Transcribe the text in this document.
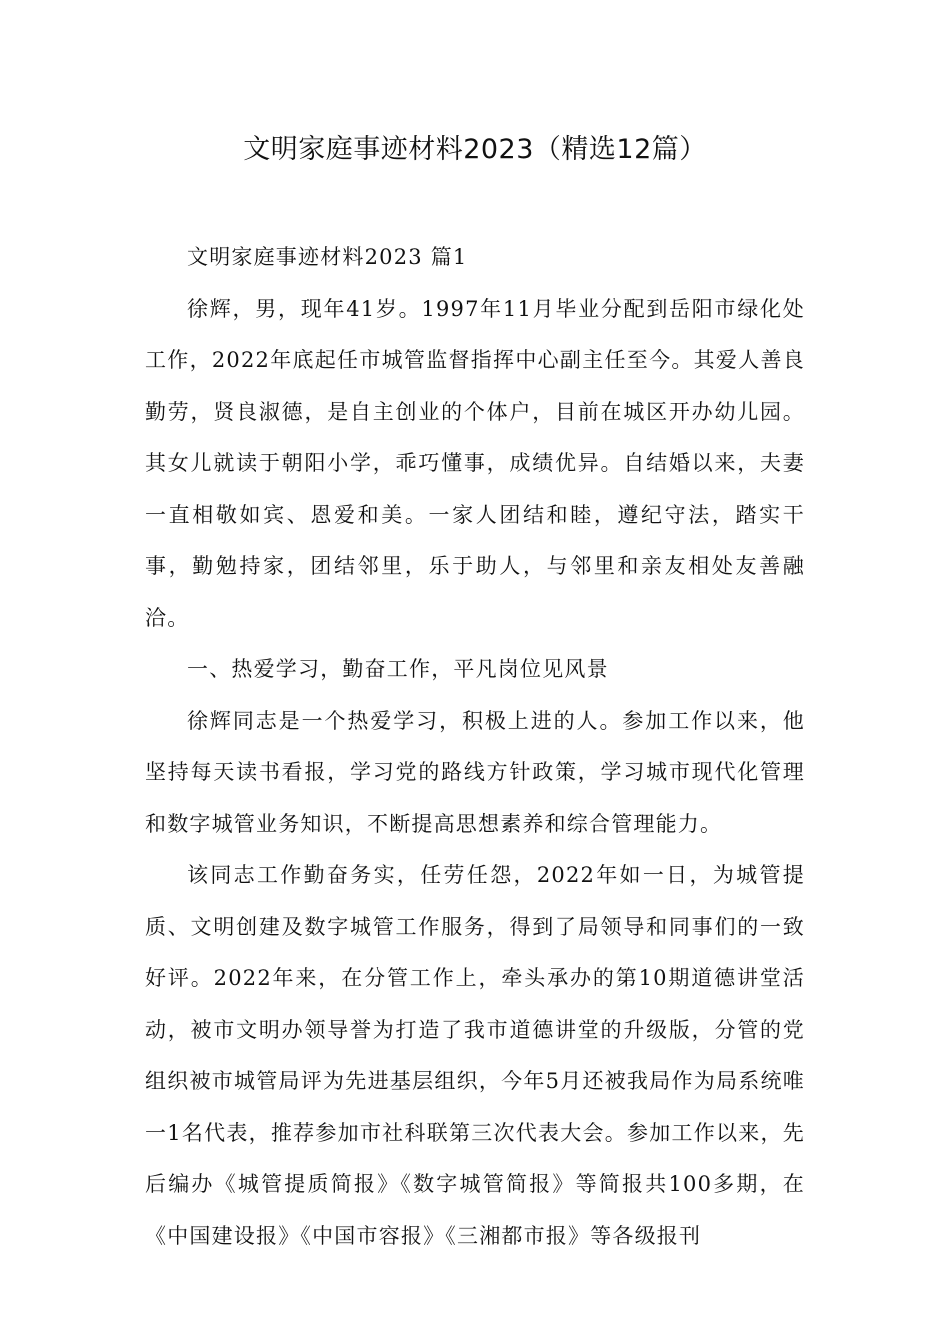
文明家庭事迹材料2023（精选12篇）

文明家庭事迹材料2023 篇1

徐辉，男，现年41岁。1997年11月毕业分配到岳阳市绿化处工作，2022年底起任市城管监督指挥中心副主任至今。其爱人善良勤劳，贤良淑德，是自主创业的个体户，目前在城区开办幼儿园。其女儿就读于朝阳小学，乖巧懂事，成绩优异。自结婚以来，夫妻一直相敬如宾、恩爱和美。一家人团结和睦，遵纪守法，踏实干事，勤勉持家，团结邻里，乐于助人，与邻里和亲友相处友善融洽。

一、热爱学习，勤奋工作，平凡岗位见风景

徐辉同志是一个热爱学习，积极上进的人。参加工作以来，他坚持每天读书看报，学习党的路线方针政策，学习城市现代化管理和数字城管业务知识，不断提高思想素养和综合管理能力。

该同志工作勤奋务实，任劳任怨，2022年如一日，为城管提质、文明创建及数字城管工作服务，得到了局领导和同事们的一致好评。2022年来，在分管工作上，牵头承办的第10期道德讲堂活动，被市文明办领导誉为打造了我市道德讲堂的升级版，分管的党组织被市城管局评为先进基层组织，今年5月还被我局作为局系统唯一1名代表，推荐参加市社科联第三次代表大会。参加工作以来，先后编办《城管提质简报》《数字城管简报》等简报共100多期，在《中国建设报》《中国市容报》《三湘都市报》等各级报刊
